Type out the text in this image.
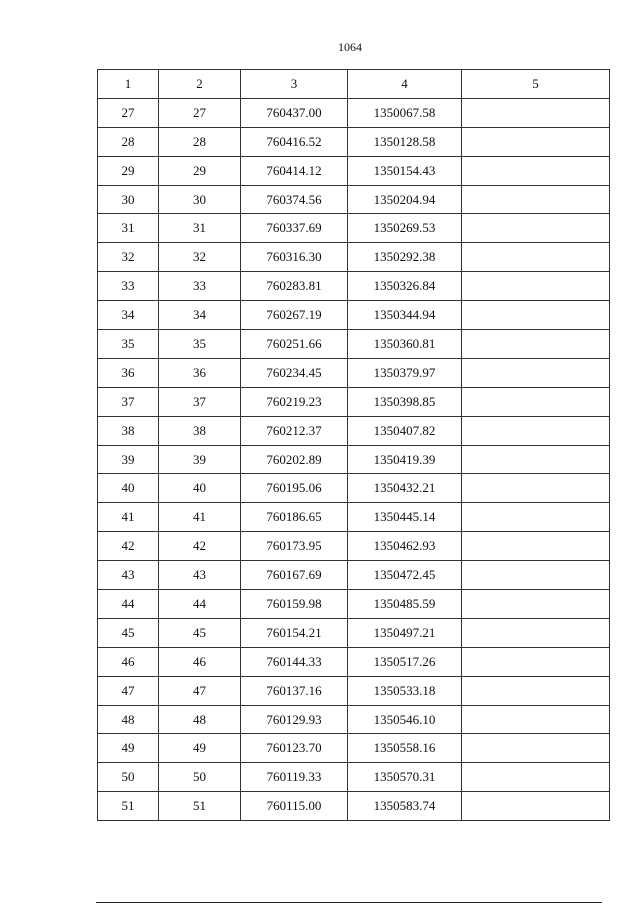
1064
1	2	3	4	5
27	27	760437.00	1350067.58	
28	28	760416.52	1350128.58	
29	29	760414.12	1350154.43	
30	30	760374.56	1350204.94	
31	31	760337.69	1350269.53	
32	32	760316.30	1350292.38	
33	33	760283.81	1350326.84	
34	34	760267.19	1350344.94	
35	35	760251.66	1350360.81	
36	36	760234.45	1350379.97	
37	37	760219.23	1350398.85	
38	38	760212.37	1350407.82	
39	39	760202.89	1350419.39	
40	40	760195.06	1350432.21	
41	41	760186.65	1350445.14	
42	42	760173.95	1350462.93	
43	43	760167.69	1350472.45	
44	44	760159.98	1350485.59	
45	45	760154.21	1350497.21	
46	46	760144.33	1350517.26	
47	47	760137.16	1350533.18	
48	48	760129.93	1350546.10	
49	49	760123.70	1350558.16	
50	50	760119.33	1350570.31	
51	51	760115.00	1350583.74	
